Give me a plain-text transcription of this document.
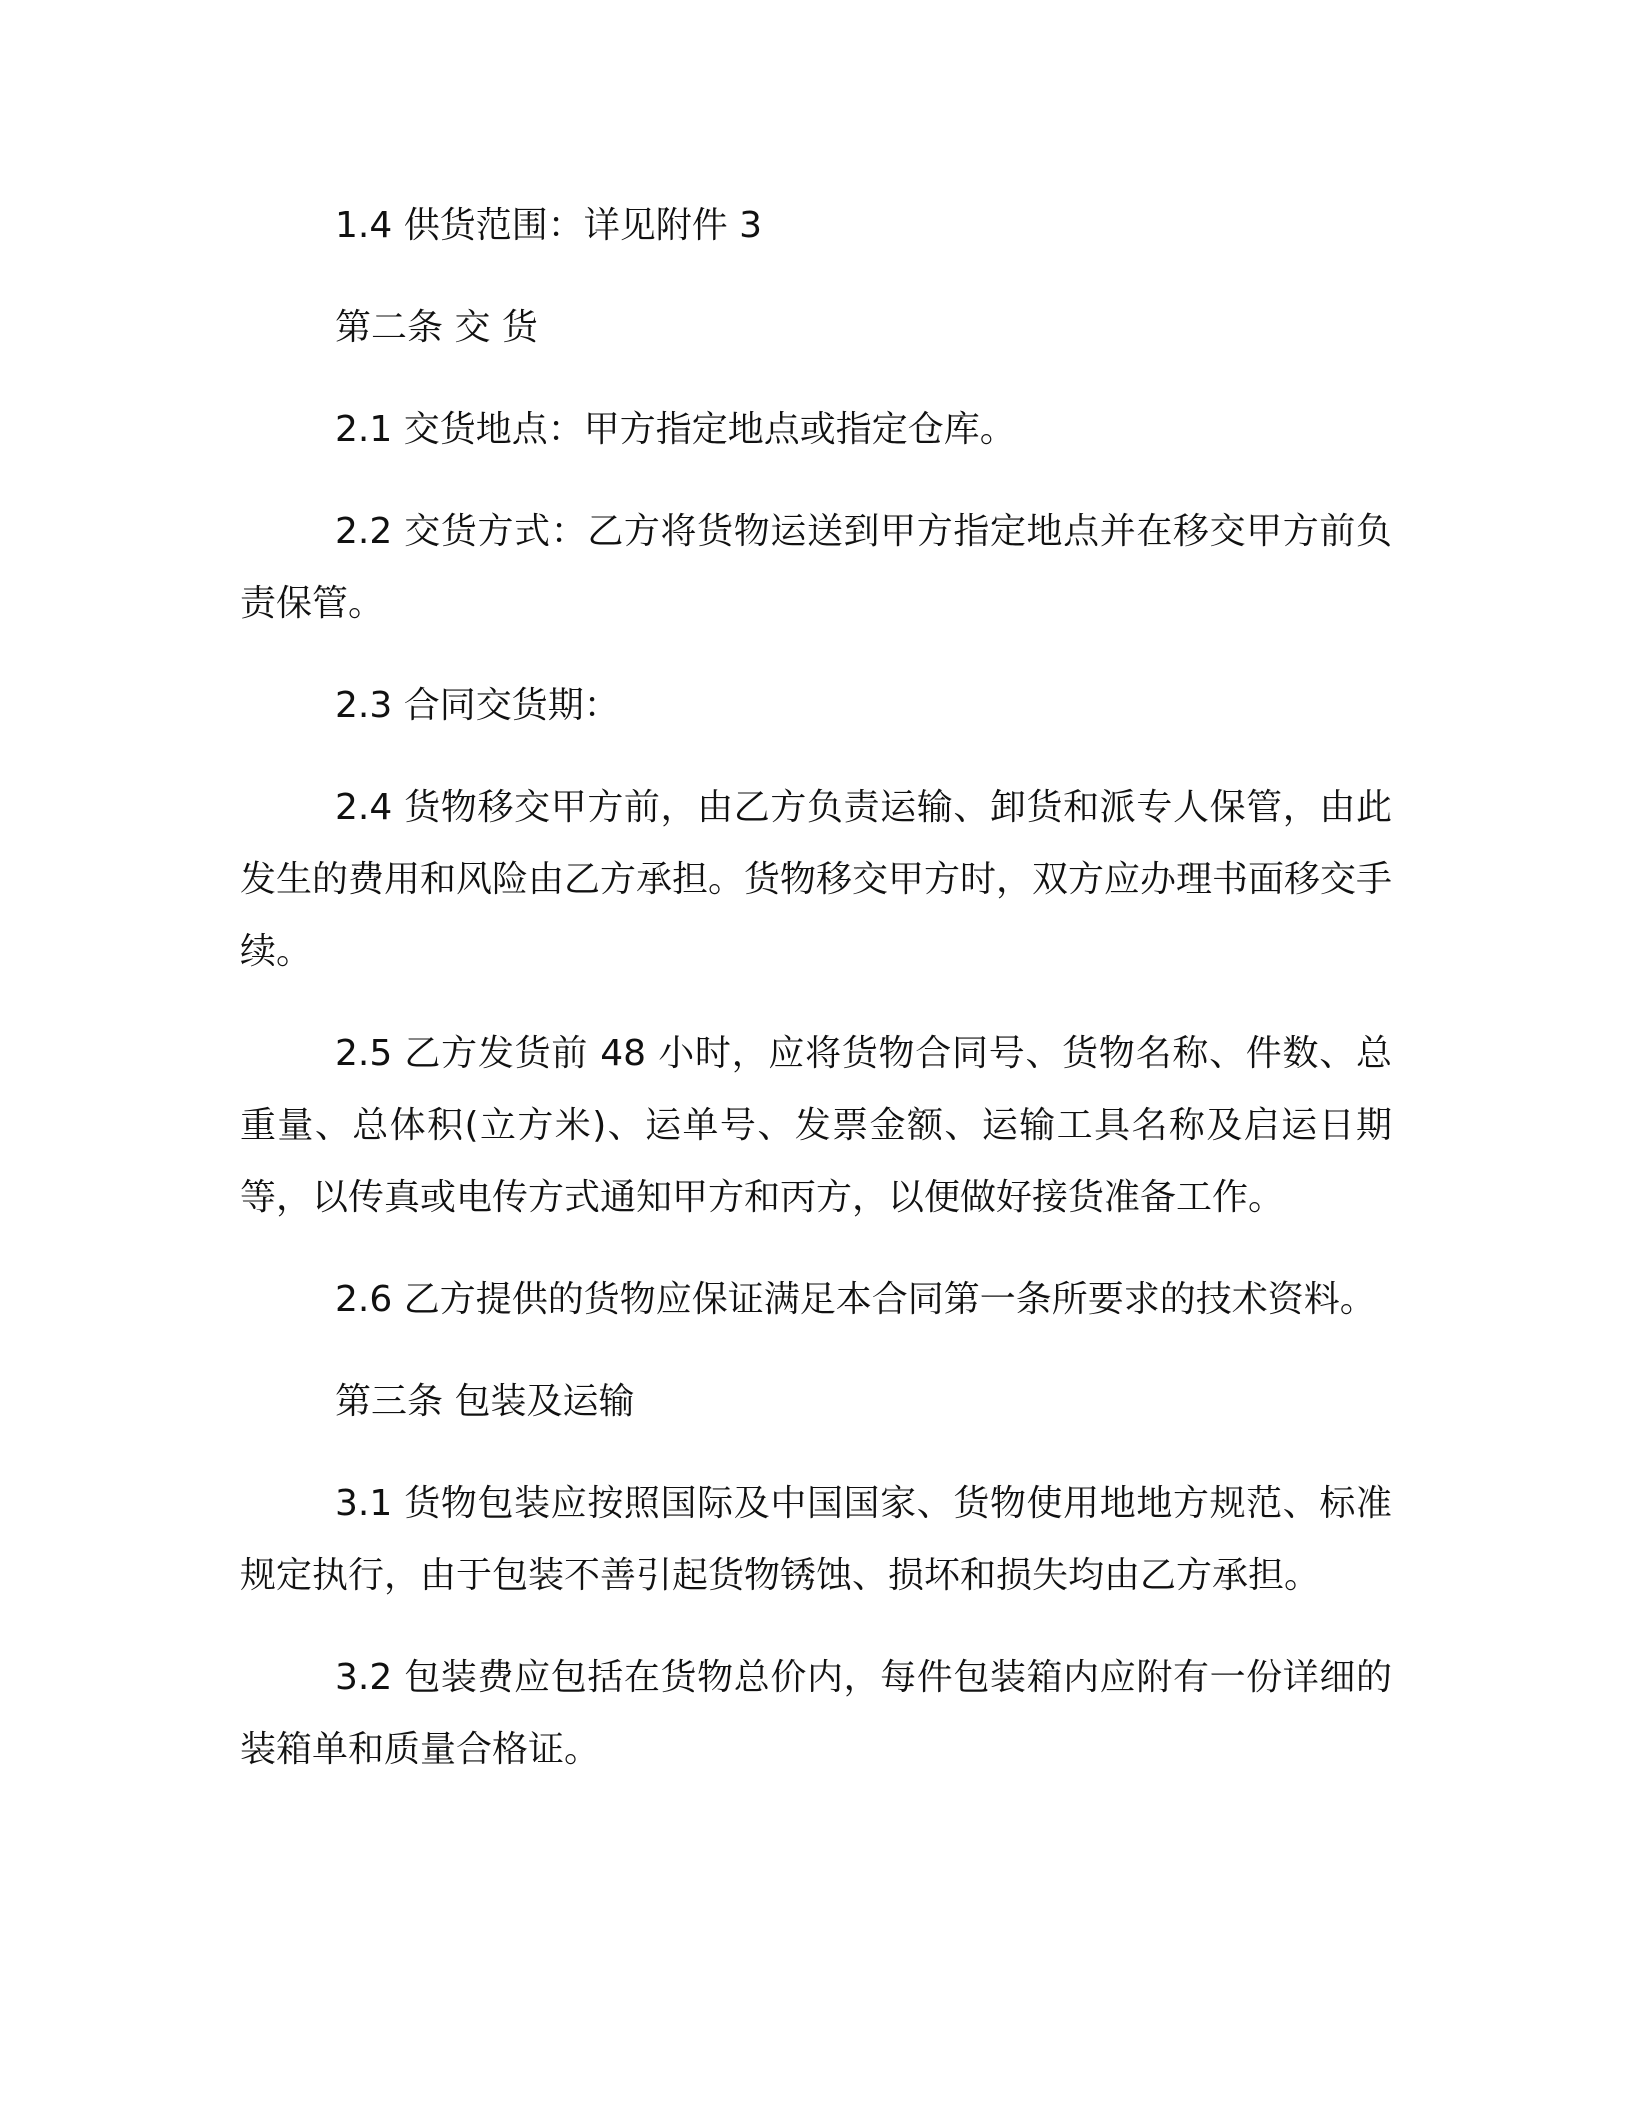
1.4 供货范围：详见附件 3

第二条 交 货

2.1 交货地点：甲方指定地点或指定仓库。

2.2 交货方式：乙方将货物运送到甲方指定地点并在移交甲方前负责保管。

2.3 合同交货期：

2.4 货物移交甲方前，由乙方负责运输、卸货和派专人保管，由此发生的费用和风险由乙方承担。货物移交甲方时，双方应办理书面移交手续。

2.5 乙方发货前 48 小时，应将货物合同号、货物名称、件数、总重量、总体积(立方米)、运单号、发票金额、运输工具名称及启运日期等，以传真或电传方式通知甲方和丙方，以便做好接货准备工作。

2.6 乙方提供的货物应保证满足本合同第一条所要求的技术资料。

第三条 包装及运输

3.1 货物包装应按照国际及中国国家、货物使用地地方规范、标准规定执行，由于包装不善引起货物锈蚀、损坏和损失均由乙方承担。

3.2 包装费应包括在货物总价内，每件包装箱内应附有一份详细的装箱单和质量合格证。
